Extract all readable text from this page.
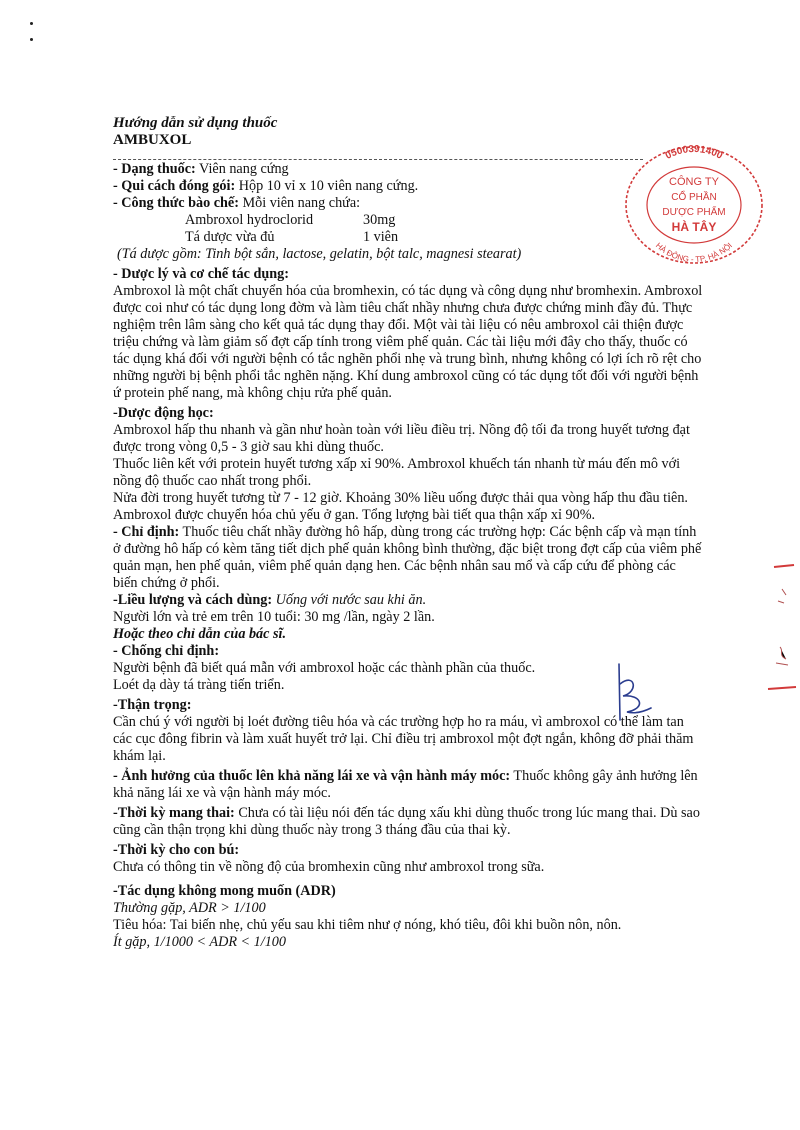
0500391400
HÀ ĐÔNG - TP. HÀ NỘI
CÔNG TY
CỔ PHẦN
DƯỢC PHẨM
HÀ TÂY
Hướng dẫn sử dụng thuốc
AMBUXOL
- Dạng thuốc: Viên nang cứng
- Qui cách đóng gói: Hộp 10 vỉ x 10 viên nang cứng.
- Công thức bào chế: Mỗi viên nang chứa:
Ambroxol hydroclorid	30mg
Tá dược vừa đủ	1 viên
(Tá dược gồm: Tinh bột sắn, lactose, gelatin, bột talc, magnesi stearat)
- Dược lý và cơ chế tác dụng:
Ambroxol là một chất chuyển hóa của bromhexin, có tác dụng và công dụng như bromhexin. Ambroxol được coi như có tác dụng long đờm và làm tiêu chất nhầy nhưng chưa được chứng minh đầy đủ. Thực nghiệm trên lâm sàng cho kết quả tác dụng thay đổi. Một vài tài liệu có nêu ambroxol cải thiện được triệu chứng và làm giảm số đợt cấp tính trong viêm phế quản. Các tài liệu mới đây cho thấy, thuốc có tác dụng khá đối với người bệnh có tắc nghẽn phổi nhẹ và trung bình, nhưng không có lợi ích rõ rệt cho những người bị bệnh phổi tắc nghẽn nặng. Khí dung ambroxol cũng có tác dụng tốt đối với người bệnh ứ protein phế nang, mà không chịu rửa phế quản.
-Dược động học:
Ambroxol hấp thu nhanh và gần như hoàn toàn với liều điều trị. Nồng độ tối đa trong huyết tương đạt được trong vòng 0,5 - 3 giờ sau khi dùng thuốc.
Thuốc liên kết với protein huyết tương xấp xỉ 90%. Ambroxol khuếch tán nhanh từ máu đến mô với nồng độ thuốc cao nhất trong phổi.
Nửa đời trong huyết tương từ 7 - 12 giờ. Khoảng 30% liều uống được thải qua vòng hấp thu đầu tiên.
Ambroxol được chuyển hóa chủ yếu ở gan. Tổng lượng bài tiết qua thận xấp xỉ 90%.
- Chỉ định: Thuốc tiêu chất nhầy đường hô hấp, dùng trong các trường hợp: Các bệnh cấp và mạn tính ở đường hô hấp có kèm tăng tiết dịch phế quản không bình thường, đặc biệt trong đợt cấp của viêm phế quản mạn, hen phế quản, viêm phế quản dạng hen. Các bệnh nhân sau mổ và cấp cứu để phòng các biến chứng ở phổi.
-Liều lượng và cách dùng: Uống với nước sau khi ăn.
Người lớn và trẻ em trên 10 tuổi: 30 mg /lần, ngày 2 lần.
Hoặc theo chỉ dẫn của bác sĩ.
- Chống chỉ định:
Người bệnh đã biết quá mẫn với ambroxol hoặc các thành phần của thuốc.
Loét dạ dày tá tràng tiến triển.
-Thận trọng:
Cần chú ý với người bị loét đường tiêu hóa và các trường hợp ho ra máu, vì ambroxol có thể làm tan các cục đông fibrin và làm xuất huyết trở lại. Chỉ điều trị ambroxol một đợt ngắn, không đỡ phải thăm khám lại.
- Ảnh hưởng của thuốc lên khả năng lái xe và vận hành máy móc: Thuốc không gây ảnh hưởng lên khả năng lái xe và vận hành máy móc.
-Thời kỳ mang thai: Chưa có tài liệu nói đến tác dụng xấu khi dùng thuốc trong lúc mang thai. Dù sao cũng cần thận trọng khi dùng thuốc này trong 3 tháng đầu của thai kỳ.
-Thời kỳ cho con bú:
Chưa có thông tin về nồng độ của bromhexin cũng như ambroxol trong sữa.
-Tác dụng không mong muốn (ADR)
Thường gặp, ADR > 1/100
Tiêu hóa: Tai biến nhẹ, chủ yếu sau khi tiêm như ợ nóng, khó tiêu, đôi khi buồn nôn, nôn.
Ít gặp, 1/1000 < ADR < 1/100
